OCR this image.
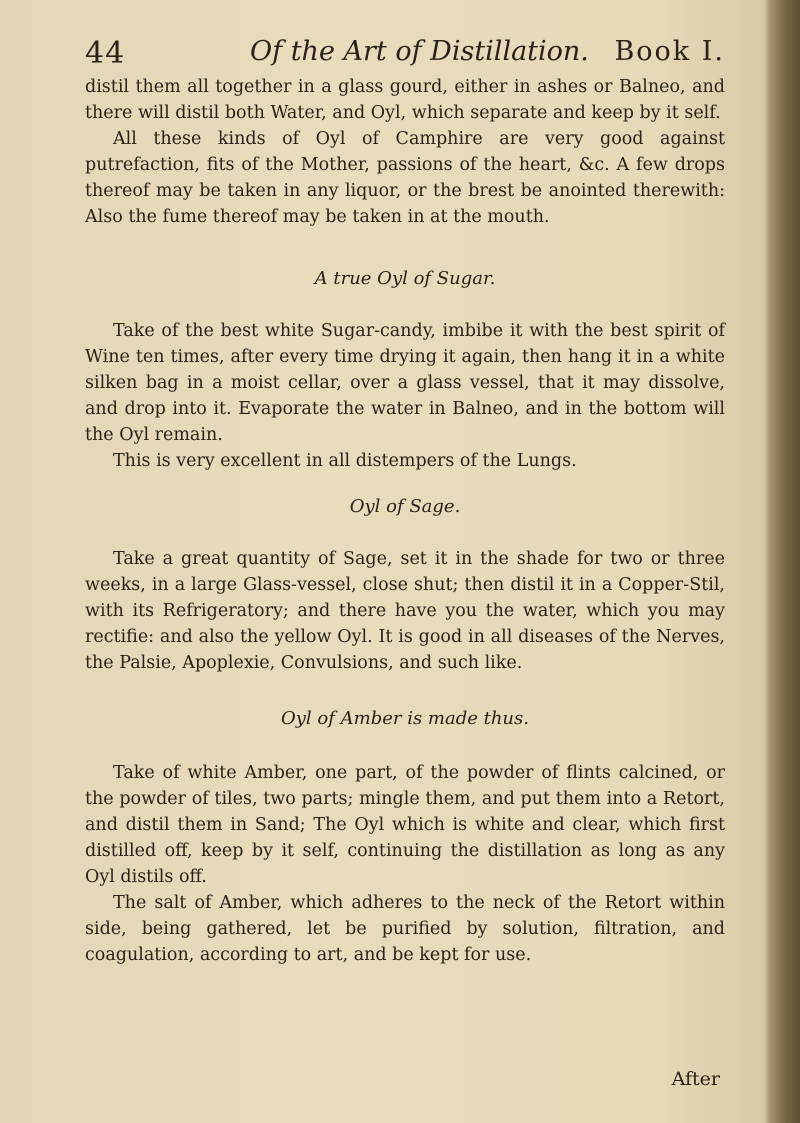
44	Of the Art of Distillation. Book I.

distil them all together in a glass gourd, either in ashes or Balneo, and there will distil both Water, and Oyl, which separate and keep by it self.

All these kinds of Oyl of Camphire are very good against putrefaction, fits of the Mother, passions of the heart, &c. A few drops thereof may be taken in any liquor, or the brest be anointed therewith: Also the fume thereof may be taken in at the mouth.

A true Oyl of Sugar.

Take of the best white Sugar-candy, imbibe it with the best spirit of Wine ten times, after every time drying it again, then hang it in a white silken bag in a moist cellar, over a glass vessel, that it may dissolve, and drop into it. Evaporate the water in Balneo, and in the bottom will the Oyl remain.

This is very excellent in all distempers of the Lungs.

Oyl of Sage.

Take a great quantity of Sage, set it in the shade for two or three weeks, in a large Glass-vessel, close shut; then distil it in a Copper-Stil, with its Refrigeratory; and there have you the water, which you may rectifie: and also the yellow Oyl. It is good in all diseases of the Nerves, the Palsie, Apoplexie, Convulsions, and such like.

Oyl of Amber is made thus.

Take of white Amber, one part, of the powder of flints calcined, or the powder of tiles, two parts; mingle them, and put them into a Retort, and distil them in Sand; The Oyl which is white and clear, which first distilled off, keep by it self, continuing the distillation as long as any Oyl distils off.

The salt of Amber, which adheres to the neck of the Retort within side, being gathered, let be purified by solution, filtration, and coagulation, according to art, and be kept for use.

After
